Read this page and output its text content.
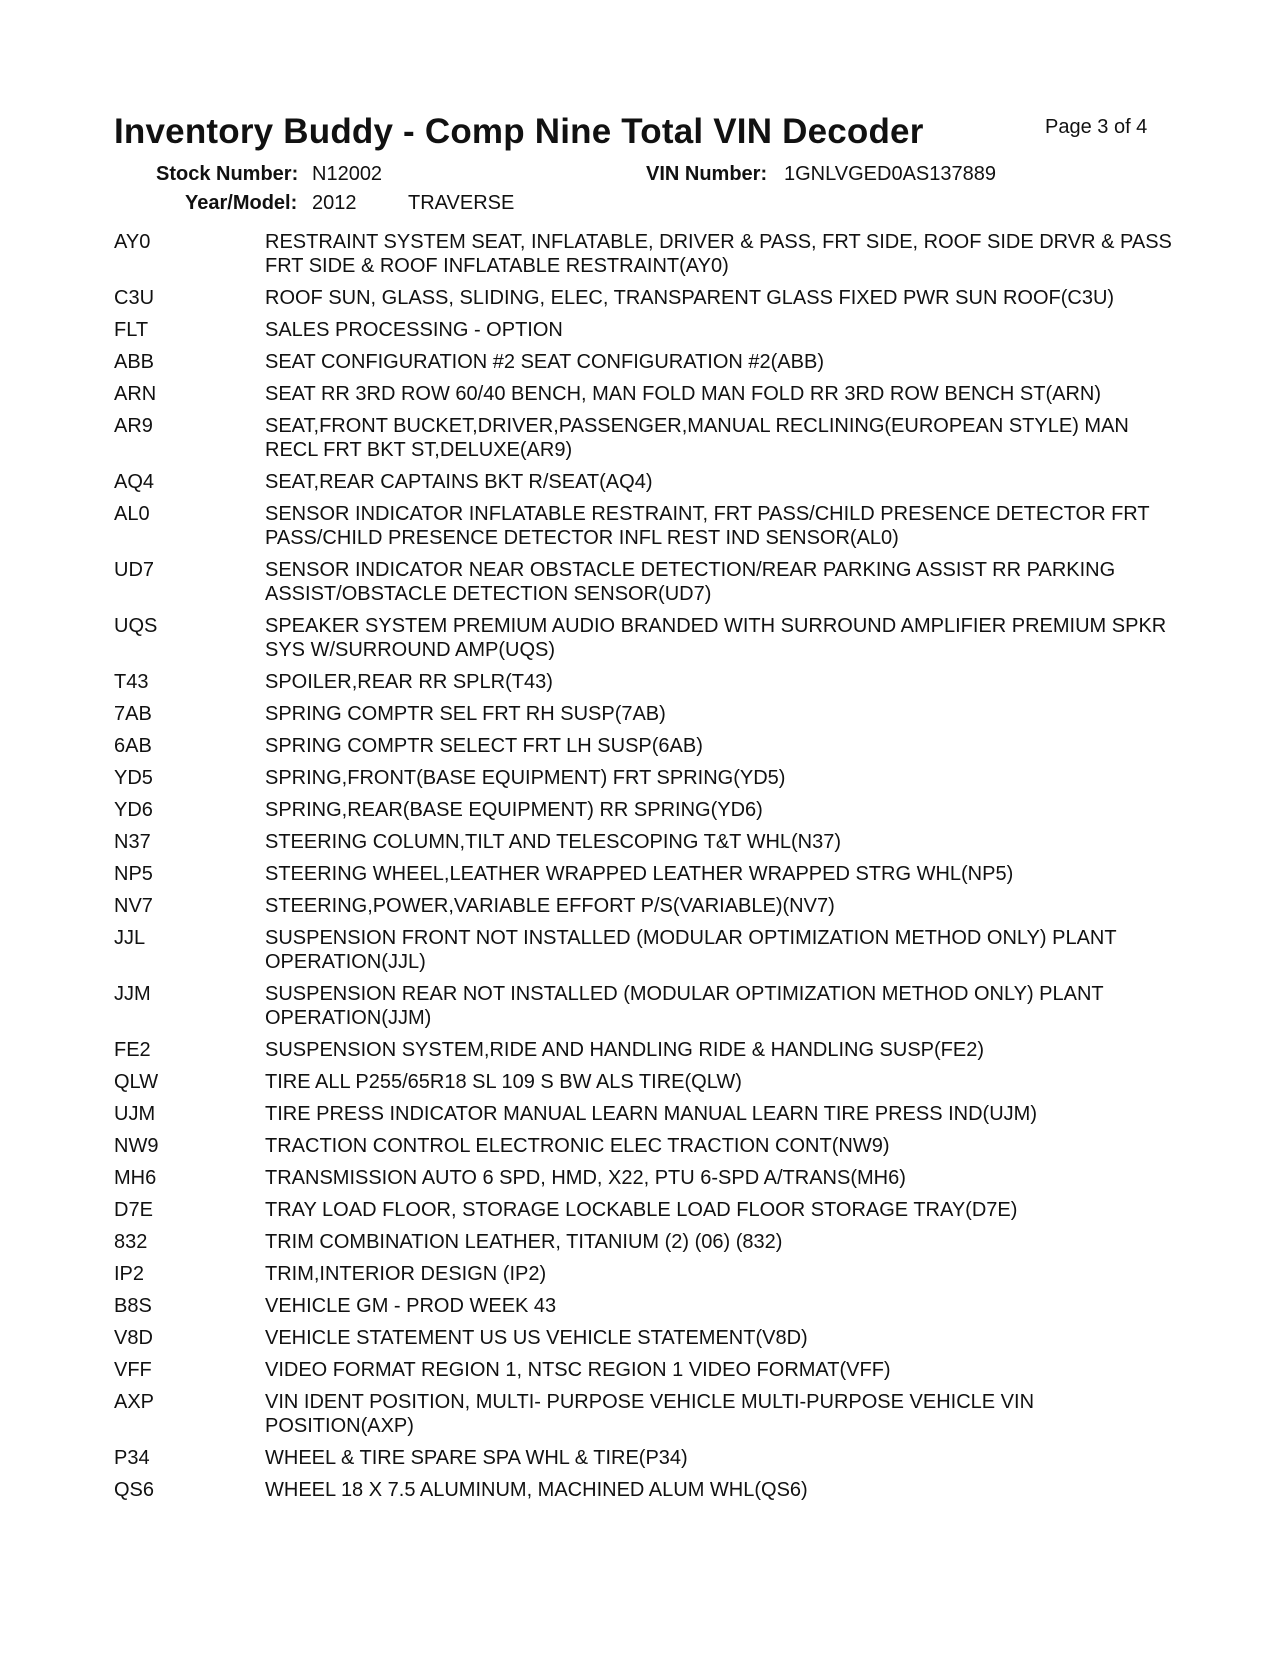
Inventory Buddy - Comp Nine Total VIN Decoder	Page 3 of 4
Stock Number: N12002	VIN Number: 1GNLVGED0AS137889
Year/Model: 2012	TRAVERSE
AY0	RESTRAINT SYSTEM SEAT, INFLATABLE, DRIVER & PASS, FRT SIDE, ROOF SIDE DRVR & PASS FRT SIDE & ROOF INFLATABLE RESTRAINT(AY0)
C3U	ROOF SUN, GLASS, SLIDING, ELEC, TRANSPARENT GLASS FIXED PWR SUN ROOF(C3U)
FLT	SALES PROCESSING - OPTION
ABB	SEAT CONFIGURATION #2 SEAT CONFIGURATION #2(ABB)
ARN	SEAT RR 3RD ROW 60/40 BENCH, MAN FOLD MAN FOLD RR 3RD ROW BENCH ST(ARN)
AR9	SEAT,FRONT BUCKET,DRIVER,PASSENGER,MANUAL RECLINING(EUROPEAN STYLE) MAN RECL FRT BKT ST,DELUXE(AR9)
AQ4	SEAT,REAR CAPTAINS BKT R/SEAT(AQ4)
AL0	SENSOR INDICATOR INFLATABLE RESTRAINT, FRT PASS/CHILD PRESENCE DETECTOR FRT PASS/CHILD PRESENCE DETECTOR INFL REST IND SENSOR(AL0)
UD7	SENSOR INDICATOR NEAR OBSTACLE DETECTION/REAR PARKING ASSIST RR PARKING ASSIST/OBSTACLE DETECTION SENSOR(UD7)
UQS	SPEAKER SYSTEM PREMIUM AUDIO BRANDED WITH SURROUND AMPLIFIER PREMIUM SPKR SYS W/SURROUND AMP(UQS)
T43	SPOILER,REAR RR SPLR(T43)
7AB	SPRING COMPTR SEL FRT RH SUSP(7AB)
6AB	SPRING COMPTR SELECT FRT LH SUSP(6AB)
YD5	SPRING,FRONT(BASE EQUIPMENT) FRT SPRING(YD5)
YD6	SPRING,REAR(BASE EQUIPMENT) RR SPRING(YD6)
N37	STEERING COLUMN,TILT AND TELESCOPING T&T WHL(N37)
NP5	STEERING WHEEL,LEATHER WRAPPED LEATHER WRAPPED STRG WHL(NP5)
NV7	STEERING,POWER,VARIABLE EFFORT P/S(VARIABLE)(NV7)
JJL	SUSPENSION FRONT NOT INSTALLED (MODULAR OPTIMIZATION METHOD ONLY) PLANT OPERATION(JJL)
JJM	SUSPENSION REAR NOT INSTALLED (MODULAR OPTIMIZATION METHOD ONLY) PLANT OPERATION(JJM)
FE2	SUSPENSION SYSTEM,RIDE AND HANDLING RIDE & HANDLING SUSP(FE2)
QLW	TIRE ALL P255/65R18 SL 109 S BW ALS TIRE(QLW)
UJM	TIRE PRESS INDICATOR MANUAL LEARN MANUAL LEARN TIRE PRESS IND(UJM)
NW9	TRACTION CONTROL ELECTRONIC ELEC TRACTION CONT(NW9)
MH6	TRANSMISSION AUTO 6 SPD, HMD, X22, PTU 6-SPD A/TRANS(MH6)
D7E	TRAY LOAD FLOOR, STORAGE LOCKABLE LOAD FLOOR STORAGE TRAY(D7E)
832	TRIM COMBINATION LEATHER, TITANIUM (2) (06) (832)
IP2	TRIM,INTERIOR DESIGN (IP2)
B8S	VEHICLE GM - PROD WEEK 43
V8D	VEHICLE STATEMENT US US VEHICLE STATEMENT(V8D)
VFF	VIDEO FORMAT REGION 1, NTSC REGION 1 VIDEO FORMAT(VFF)
AXP	VIN IDENT POSITION, MULTI- PURPOSE VEHICLE MULTI-PURPOSE VEHICLE VIN POSITION(AXP)
P34	WHEEL & TIRE SPARE SPA WHL & TIRE(P34)
QS6	WHEEL 18 X 7.5 ALUMINUM, MACHINED ALUM WHL(QS6)
